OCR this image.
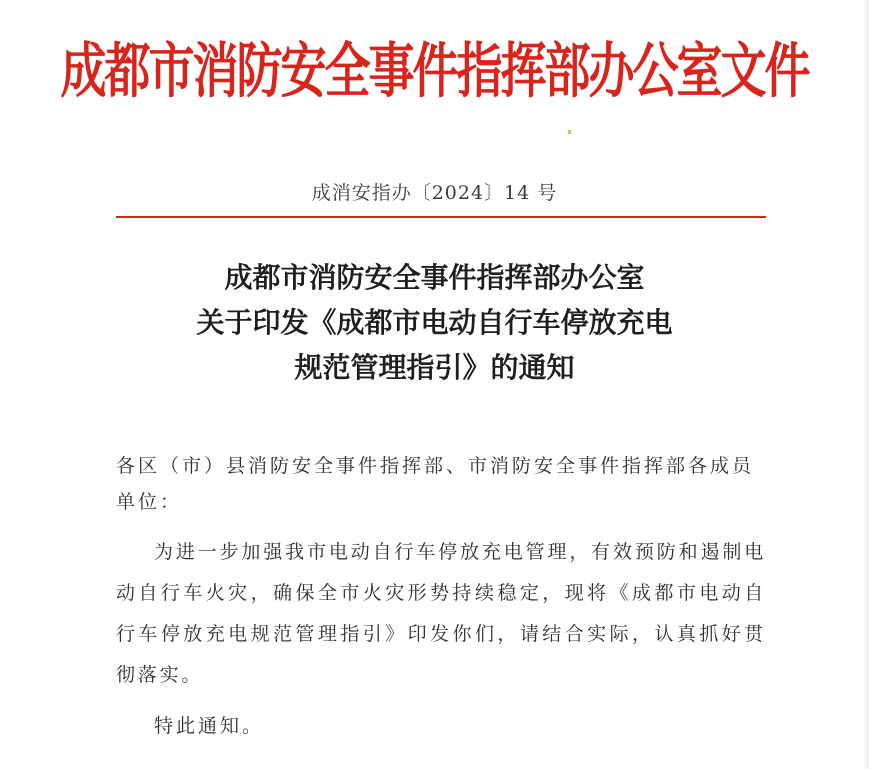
成都市消防安全事件指挥部办公室文件
成消安指办〔2024〕14 号
成都市消防安全事件指挥部办公室
关于印发《成都市电动自行车停放充电
规范管理指引》的通知
各区（市）县消防安全事件指挥部、市消防安全事件指挥部各成员单位：
为进一步加强我市电动自行车停放充电管理，有效预防和遏制电动自行车火灾，确保全市火灾形势持续稳定，现将《成都市电动自行车停放充电规范管理指引》印发你们，请结合实际，认真抓好贯彻落实。
特此通知。
